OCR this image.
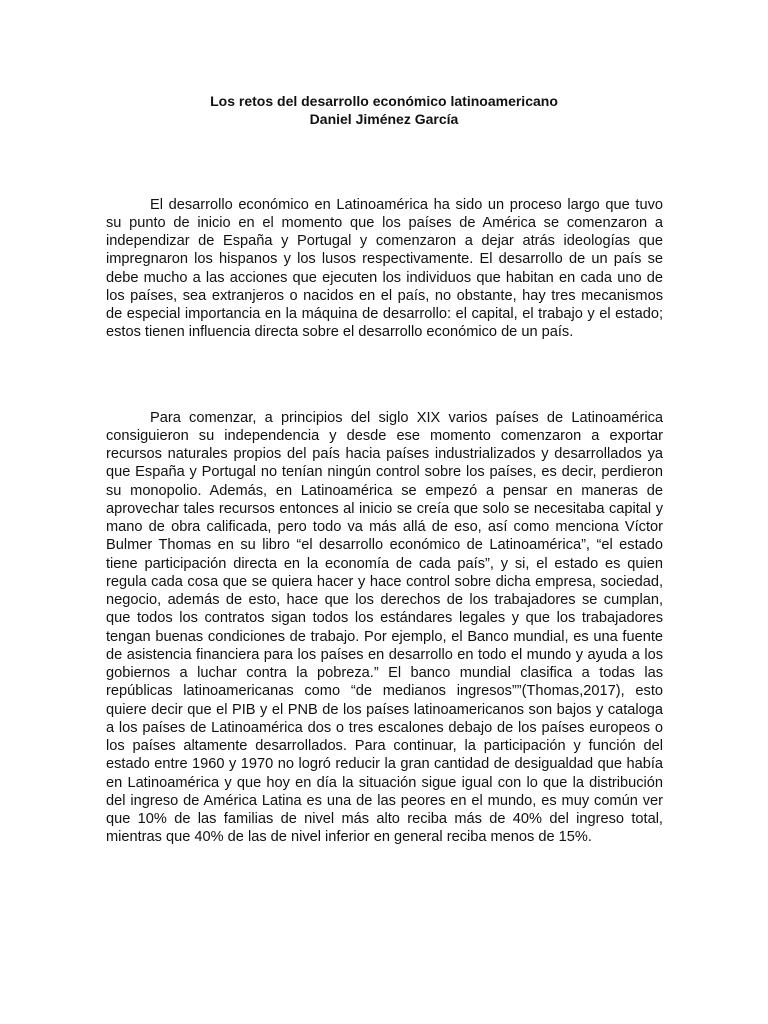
Los retos del desarrollo económico latinoamericano
Daniel Jiménez García

El desarrollo económico en Latinoamérica ha sido un proceso largo que tuvo su punto de inicio en el momento que los países de América se comenzaron a independizar de España y Portugal y comenzaron a dejar atrás ideologías que impregnaron los hispanos y los lusos respectivamente. El desarrollo de un país se debe mucho a las acciones que ejecuten los individuos que habitan en cada uno de los países, sea extranjeros o nacidos en el país, no obstante, hay tres mecanismos de especial importancia en la máquina de desarrollo: el capital, el trabajo y el estado; estos tienen influencia directa sobre el desarrollo económico de un país.

Para comenzar, a principios del siglo XIX varios países de Latinoamérica consiguieron su independencia y desde ese momento comenzaron a exportar recursos naturales propios del país hacia países industrializados y desarrollados ya que España y Portugal no tenían ningún control sobre los países, es decir, perdieron su monopolio. Además, en Latinoamérica se empezó a pensar en maneras de aprovechar tales recursos entonces al inicio se creía que solo se necesitaba capital y mano de obra calificada, pero todo va más allá de eso, así como menciona Víctor Bulmer Thomas en su libro “el desarrollo económico de Latinoamérica”, “el estado tiene participación directa en la economía de cada país”, y si, el estado es quien regula cada cosa que se quiera hacer y hace control sobre dicha empresa, sociedad, negocio, además de esto, hace que los derechos de los trabajadores se cumplan, que todos los contratos sigan todos los estándares legales y que los trabajadores tengan buenas condiciones de trabajo. Por ejemplo, el Banco mundial, es una fuente de asistencia financiera para los países en desarrollo en todo el mundo y ayuda a los gobiernos a luchar contra la pobreza.” El banco mundial clasifica a todas las repúblicas latinoamericanas como “de medianos ingresos””(Thomas,2017), esto quiere decir que el PIB y el PNB de los países latinoamericanos son bajos y cataloga a los países de Latinoamérica dos o tres escalones debajo de los países europeos o los países altamente desarrollados. Para continuar, la participación y función del estado entre 1960 y 1970 no logró reducir la gran cantidad de desigualdad que había en Latinoamérica y que hoy en día la situación sigue igual con lo que la distribución del ingreso de América Latina es una de las peores en el mundo, es muy común ver que 10% de las familias de nivel más alto reciba más de 40% del ingreso total, mientras que 40% de las de nivel inferior en general reciba menos de 15%.
